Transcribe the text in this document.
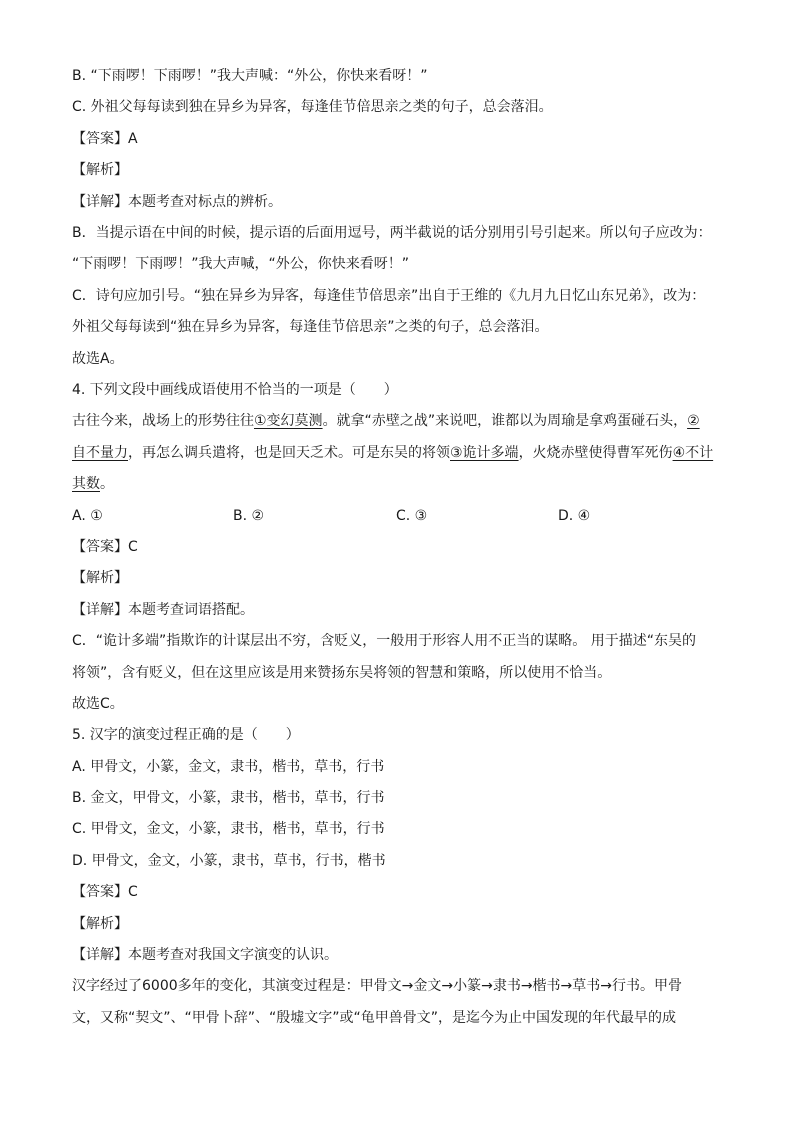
B. “下雨啰！下雨啰！”我大声喊：“外公，你快来看呀！”
C. 外祖父每每读到独在异乡为异客，每逢佳节倍思亲之类的句子，总会落泪。
【答案】A
【解析】
【详解】本题考查对标点的辨析。
B．当提示语在中间的时候，提示语的后面用逗号，两半截说的话分别用引号引起来。所以句子应改为：
“下雨啰！下雨啰！”我大声喊，“外公，你快来看呀！”
C．诗句应加引号。“独在异乡为异客，每逢佳节倍思亲”出自于王维的《九月九日忆山东兄弟》，改为：
外祖父每每读到“独在异乡为异客，每逢佳节倍思亲”之类的句子，总会落泪。
故选A。
4. 下列文段中画线成语使用不恰当的一项是（　　）
古往今来，战场上的形势往往①变幻莫测。就拿“赤壁之战”来说吧，谁都以为周瑜是拿鸡蛋碰石头，②
自不量力，再怎么调兵遣将，也是回天乏术。可是东吴的将领③诡计多端，火烧赤壁使得曹军死伤④不计
其数。
A. ①	B. ②	C. ③	D. ④
【答案】C
【解析】
【详解】本题考查词语搭配。
C．“诡计多端”指欺诈的计谋层出不穷，含贬义，一般用于形容人用不正当的谋略。 用于描述“东吴的
将领”，含有贬义，但在这里应该是用来赞扬东吴将领的智慧和策略，所以使用不恰当。
故选C。
5. 汉字的演变过程正确的是（　　）
A. 甲骨文，小篆，金文，隶书，楷书，草书，行书
B. 金文，甲骨文，小篆，隶书，楷书，草书，行书
C. 甲骨文，金文，小篆，隶书，楷书，草书，行书
D. 甲骨文，金文，小篆，隶书，草书，行书，楷书
【答案】C
【解析】
【详解】本题考查对我国文字演变的认识。
汉字经过了6000多年的变化，其演变过程是：甲骨文→金文→小篆→隶书→楷书→草书→行书。甲骨
文，又称“契文”、“甲骨卜辞”、“殷墟文字”或“龟甲兽骨文”，是迄今为止中国发现的年代最早的成
